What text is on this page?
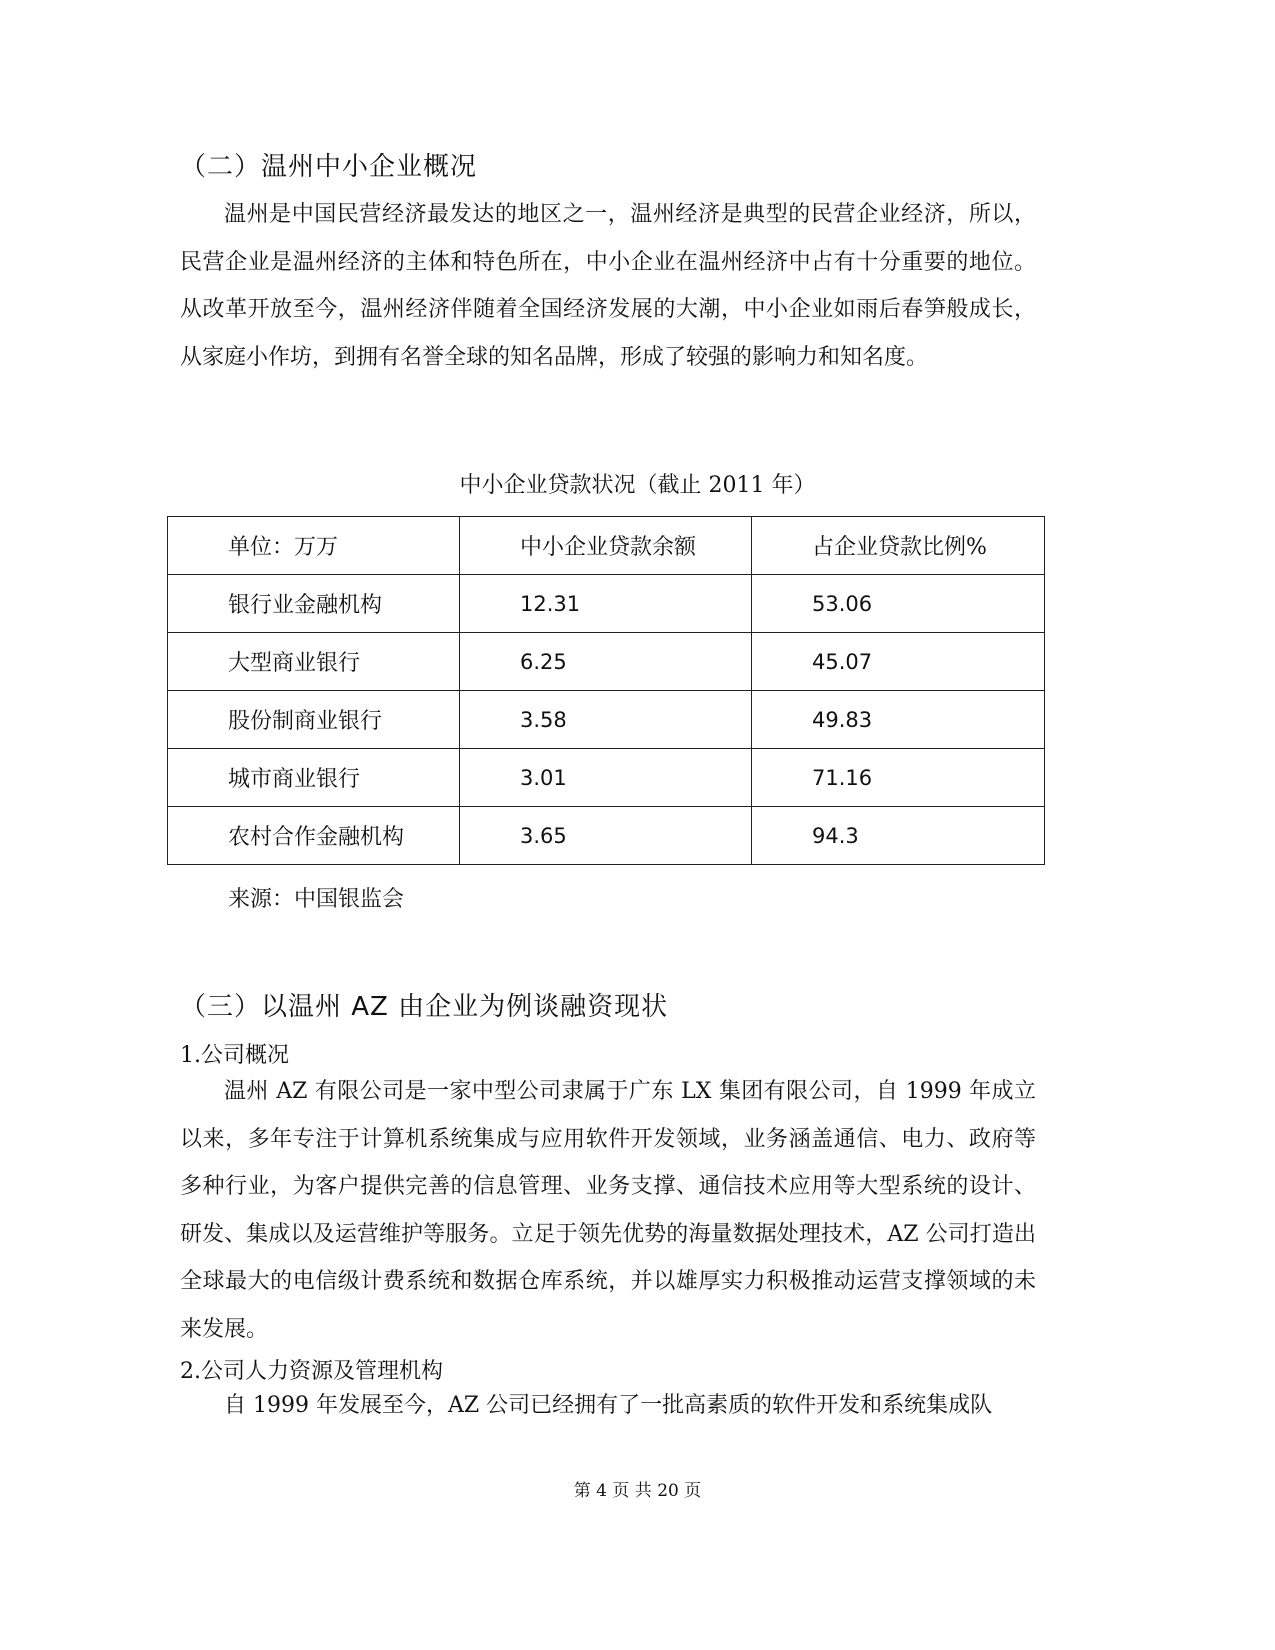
（二）温州中小企业概况

温州是中国民营经济最发达的地区之一，温州经济是典型的民营企业经济，所以，民营企业是温州经济的主体和特色所在，中小企业在温州经济中占有十分重要的地位。从改革开放至今，温州经济伴随着全国经济发展的大潮，中小企业如雨后春笋般成长，从家庭小作坊，到拥有名誉全球的知名品牌，形成了较强的影响力和知名度。

中小企业贷款状况（截止 2011 年）
单位：万万	中小企业贷款余额	占企业贷款比例%
银行业金融机构	12.31	53.06
大型商业银行	6.25	45.07
股份制商业银行	3.58	49.83
城市商业银行	3.01	71.16
农村合作金融机构	3.65	94.3
来源：中国银监会
（三）以温州 AZ 由企业为例谈融资现状
1.公司概况

温州 AZ 有限公司是一家中型公司隶属于广东 LX 集团有限公司，自 1999 年成立以来，多年专注于计算机系统集成与应用软件开发领域，业务涵盖通信、电力、政府等多种行业，为客户提供完善的信息管理、业务支撑、通信技术应用等大型系统的设计、研发、集成以及运营维护等服务。立足于领先优势的海量数据处理技术，AZ 公司打造出全球最大的电信级计费系统和数据仓库系统，并以雄厚实力积极推动运营支撑领域的未来发展。

2.公司人力资源及管理机构

自 1999 年发展至今，AZ 公司已经拥有了一批高素质的软件开发和系统集成队

第 4 页 共 20 页
